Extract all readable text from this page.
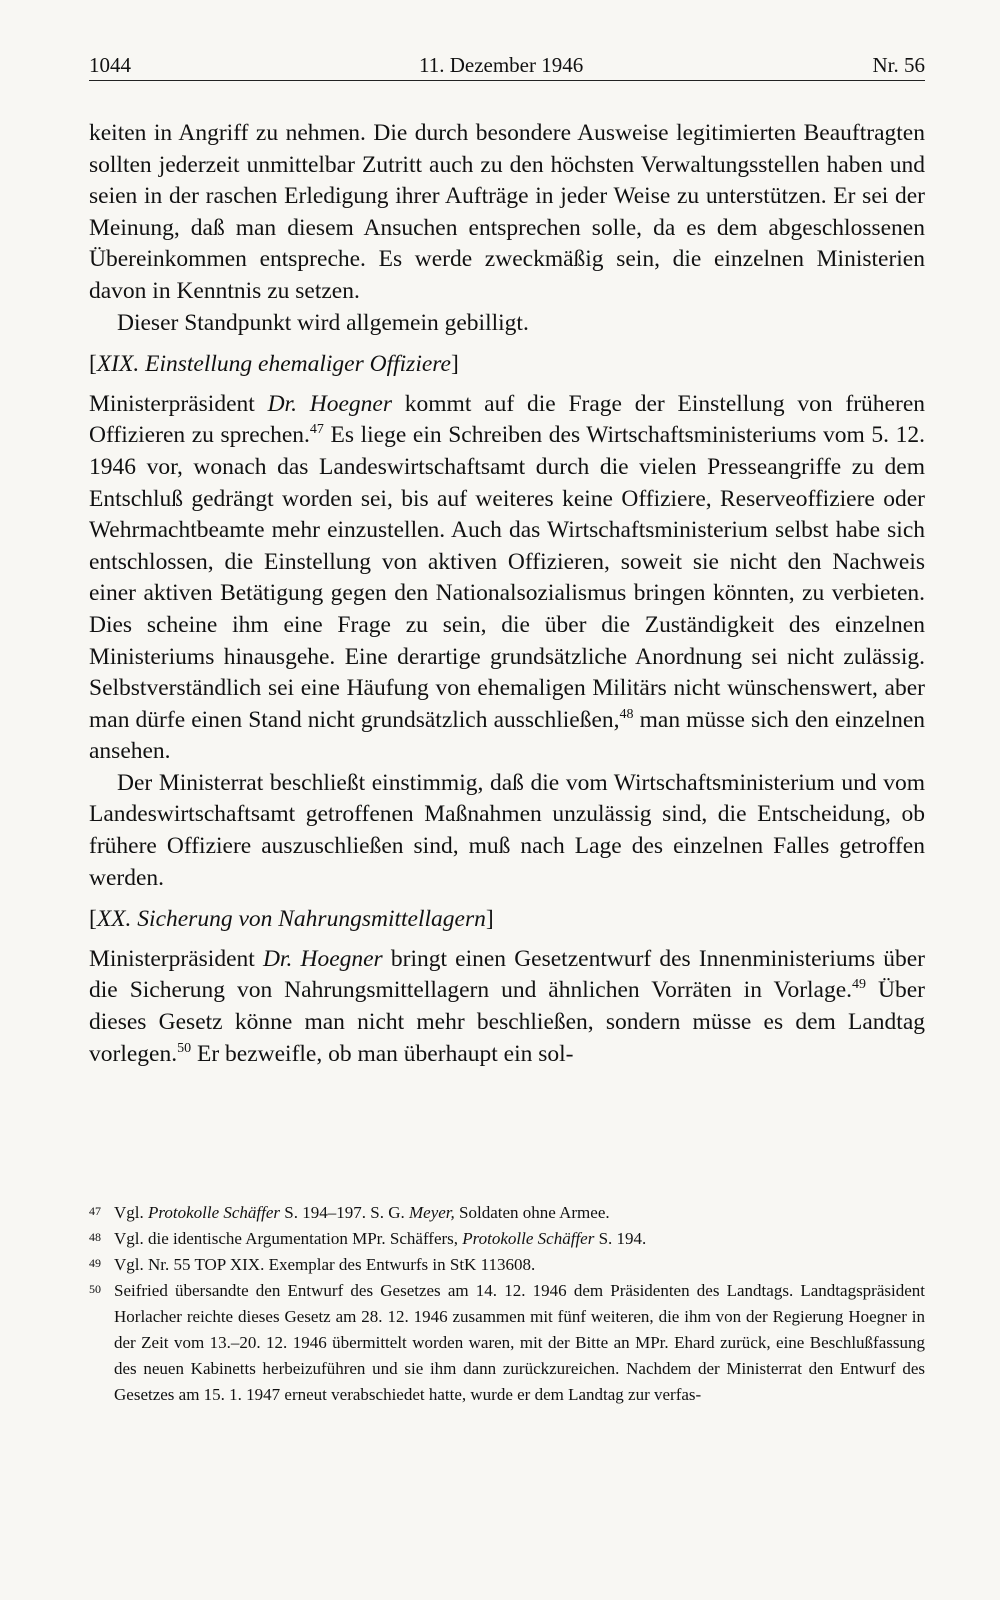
1044	11. Dezember 1946	Nr. 56

keiten in Angriff zu nehmen. Die durch besondere Ausweise legitimierten Beauftragten sollten jederzeit unmittelbar Zutritt auch zu den höchsten Verwaltungsstellen haben und seien in der raschen Erledigung ihrer Aufträge in jeder Weise zu unterstützen. Er sei der Meinung, daß man diesem Ansuchen entsprechen solle, da es dem abgeschlossenen Übereinkommen entspreche. Es werde zweckmäßig sein, die einzelnen Ministerien davon in Kenntnis zu setzen.

Dieser Standpunkt wird allgemein gebilligt.

[XIX. Einstellung ehemaliger Offiziere]

Ministerpräsident Dr. Hoegner kommt auf die Frage der Einstellung von früheren Offizieren zu sprechen.$^{47}$ Es liege ein Schreiben des Wirtschaftsministeriums vom 5. 12. 1946 vor, wonach das Landeswirtschaftsamt durch die vielen Presseangriffe zu dem Entschluß gedrängt worden sei, bis auf weiteres keine Offiziere, Reserveoffiziere oder Wehrmachtbeamte mehr einzustellen. Auch das Wirtschaftsministerium selbst habe sich entschlossen, die Einstellung von aktiven Offizieren, soweit sie nicht den Nachweis einer aktiven Betätigung gegen den Nationalsozialismus bringen könnten, zu verbieten. Dies scheine ihm eine Frage zu sein, die über die Zuständigkeit des einzelnen Ministeriums hinausgehe. Eine derartige grundsätzliche Anordnung sei nicht zulässig. Selbstverständlich sei eine Häufung von ehemaligen Militärs nicht wünschenswert, aber man dürfe einen Stand nicht grundsätzlich ausschließen,$^{48}$ man müsse sich den einzelnen ansehen.

Der Ministerrat beschließt einstimmig, daß die vom Wirtschaftsministerium und vom Landeswirtschaftsamt getroffenen Maßnahmen unzulässig sind, die Entscheidung, ob frühere Offiziere auszuschließen sind, muß nach Lage des einzelnen Falles getroffen werden.

[XX. Sicherung von Nahrungsmittellagern]

Ministerpräsident Dr. Hoegner bringt einen Gesetzentwurf des Innenministeriums über die Sicherung von Nahrungsmittellagern und ähnlichen Vorräten in Vorlage.$^{49}$ Über dieses Gesetz könne man nicht mehr beschließen, sondern müsse es dem Landtag vorlegen.$^{50}$ Er bezweifle, ob man überhaupt ein sol-

47 Vgl. Protokolle Schäffer S. 194–197. S. G. Meyer, Soldaten ohne Armee.
48 Vgl. die identische Argumentation MPr. Schäffers, Protokolle Schäffer S. 194.
49 Vgl. Nr. 55 TOP XIX. Exemplar des Entwurfs in StK 113608.
50 Seifried übersandte den Entwurf des Gesetzes am 14. 12. 1946 dem Präsidenten des Landtags. Landtagspräsident Horlacher reichte dieses Gesetz am 28. 12. 1946 zusammen mit fünf weiteren, die ihm von der Regierung Hoegner in der Zeit vom 13.–20. 12. 1946 übermittelt worden waren, mit der Bitte an MPr. Ehard zurück, eine Beschlußfassung des neuen Kabinetts herbeizuführen und sie ihm dann zurückzureichen. Nachdem der Ministerrat den Entwurf des Gesetzes am 15. 1. 1947 erneut verabschiedet hatte, wurde er dem Landtag zur verfas-
